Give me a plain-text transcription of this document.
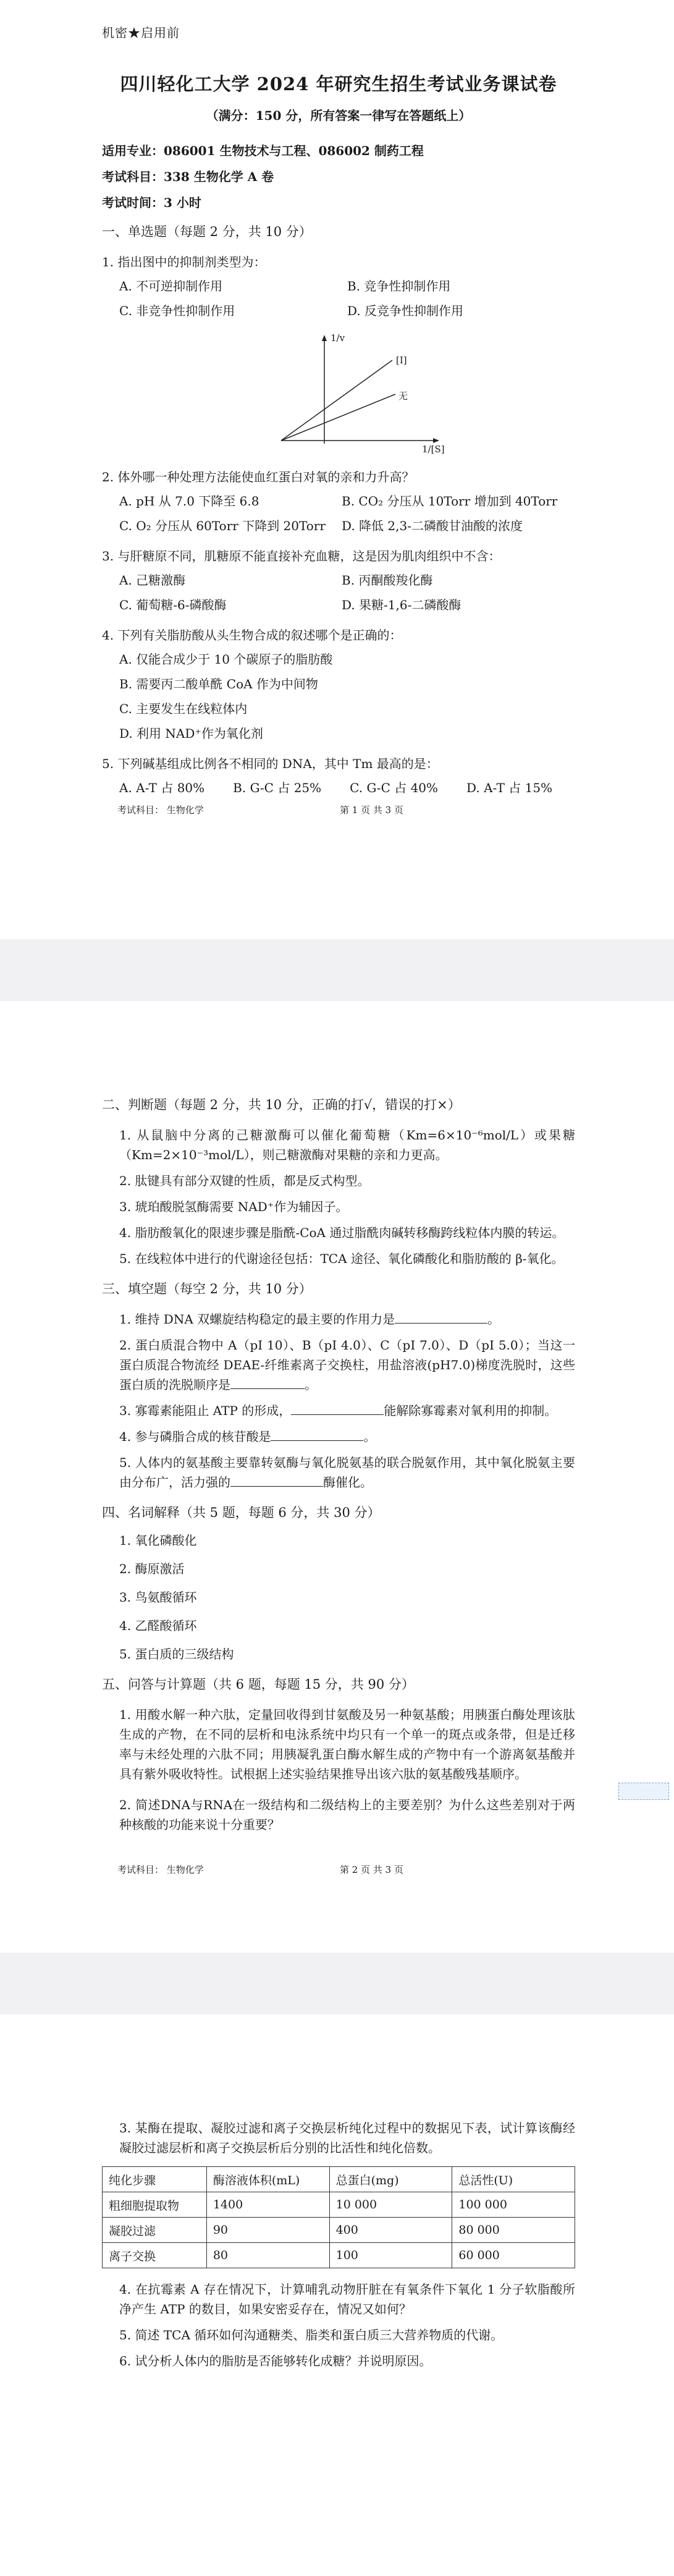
机密★启用前
四川轻化工大学 2024 年研究生招生考试业务课试卷
（满分：150 分，所有答案一律写在答题纸上）
适用专业：086001 生物技术与工程、086002 制药工程
考试科目：338 生物化学 A 卷
考试时间：3 小时
一、单选题（每题 2 分，共 10 分）
1. 指出图中的抑制剂类型为：
A. 不可逆抑制作用	B. 竞争性抑制作用
C. 非竞争性抑制作用	D. 反竞争性抑制作用
1/v
[I]
无
1/[S]
2. 体外哪一种处理方法能使血红蛋白对氧的亲和力升高？
A. pH 从 7.0 下降至 6.8	B. CO₂ 分压从 10Torr 增加到 40Torr
C. O₂ 分压从 60Torr 下降到 20Torr	D. 降低 2,3-二磷酸甘油酸的浓度
3. 与肝糖原不同，肌糖原不能直接补充血糖，这是因为肌肉组织中不含：
A. 己糖激酶	B. 丙酮酸羧化酶
C. 葡萄糖-6-磷酸酶	D. 果糖-1,6-二磷酸酶
4. 下列有关脂肪酸从头生物合成的叙述哪个是正确的：
A. 仅能合成少于 10 个碳原子的脂肪酸
B. 需要丙二酸单酰 CoA 作为中间物
C. 主要发生在线粒体内
D. 利用 NAD⁺作为氧化剂
5. 下列碱基组成比例各不相同的 DNA，其中 Tm 最高的是：
A. A-T 占 80% B. G-C 占 25% C. G-C 占 40% D. A-T 占 15%
考试科目： 生物化学	第 1 页 共 3 页
二、判断题（每题 2 分，共 10 分，正确的打√，错误的打×）
1. 从鼠脑中分离的己糖激酶可以催化葡萄糖（Km=6×10⁻⁶mol/L）或果糖（Km=2×10⁻³mol/L），则己糖激酶对果糖的亲和力更高。
2. 肽键具有部分双键的性质，都是反式构型。
3. 琥珀酸脱氢酶需要 NAD⁺作为辅因子。
4. 脂肪酸氧化的限速步骤是脂酰-CoA 通过脂酰肉碱转移酶跨线粒体内膜的转运。
5. 在线粒体中进行的代谢途径包括：TCA 途径、氧化磷酸化和脂肪酸的 β-氧化。
三、填空题（每空 2 分，共 10 分）
1. 维持 DNA 双螺旋结构稳定的最主要的作用力是	。
2. 蛋白质混合物中 A（pI 10）、B（pI 4.0）、C（pI 7.0）、D（pI 5.0）；当这一蛋白质混合物流经 DEAE-纤维素离子交换柱，用盐溶液(pH7.0)梯度洗脱时，这些蛋白质的洗脱顺序是	。
3. 寡霉素能阻止 ATP 的形成，	能解除寡霉素对氧利用的抑制。
4. 参与磷脂合成的核苷酸是	。
5. 人体内的氨基酸主要靠转氨酶与氧化脱氨基的联合脱氨作用，其中氧化脱氨主要由分布广，活力强的	酶催化。
四、名词解释（共 5 题，每题 6 分，共 30 分）
1. 氧化磷酸化
2. 酶原激活
3. 鸟氨酸循环
4. 乙醛酸循环
5. 蛋白质的三级结构
五、问答与计算题（共 6 题，每题 15 分，共 90 分）
1. 用酸水解一种六肽，定量回收得到甘氨酸及另一种氨基酸；用胰蛋白酶处理该肽生成的产物，在不同的层析和电泳系统中均只有一个单一的斑点或条带，但是迁移率与未经处理的六肽不同；用胰凝乳蛋白酶水解生成的产物中有一个游离氨基酸并具有紫外吸收特性。试根据上述实验结果推导出该六肽的氨基酸残基顺序。
2. 简述DNA与RNA在一级结构和二级结构上的主要差别？为什么这些差别对于两种核酸的功能来说十分重要？
考试科目： 生物化学	第 2 页 共 3 页
3. 某酶在提取、凝胶过滤和离子交换层析纯化过程中的数据见下表，试计算该酶经凝胶过滤层析和离子交换层析后分别的比活性和纯化倍数。
纯化步骤	酶溶液体积(mL)	总蛋白(mg)	总活性(U)
粗细胞提取物	1400	10 000	100 000
凝胶过滤	90	400	80 000
离子交换	80	100	60 000
4. 在抗霉素 A 存在情况下，计算哺乳动物肝脏在有氧条件下氧化 1 分子软脂酸所净产生 ATP 的数目，如果安密妥存在，情况又如何？
5. 简述 TCA 循环如何沟通糖类、脂类和蛋白质三大营养物质的代谢。
6. 试分析人体内的脂肪是否能够转化成糖？并说明原因。
